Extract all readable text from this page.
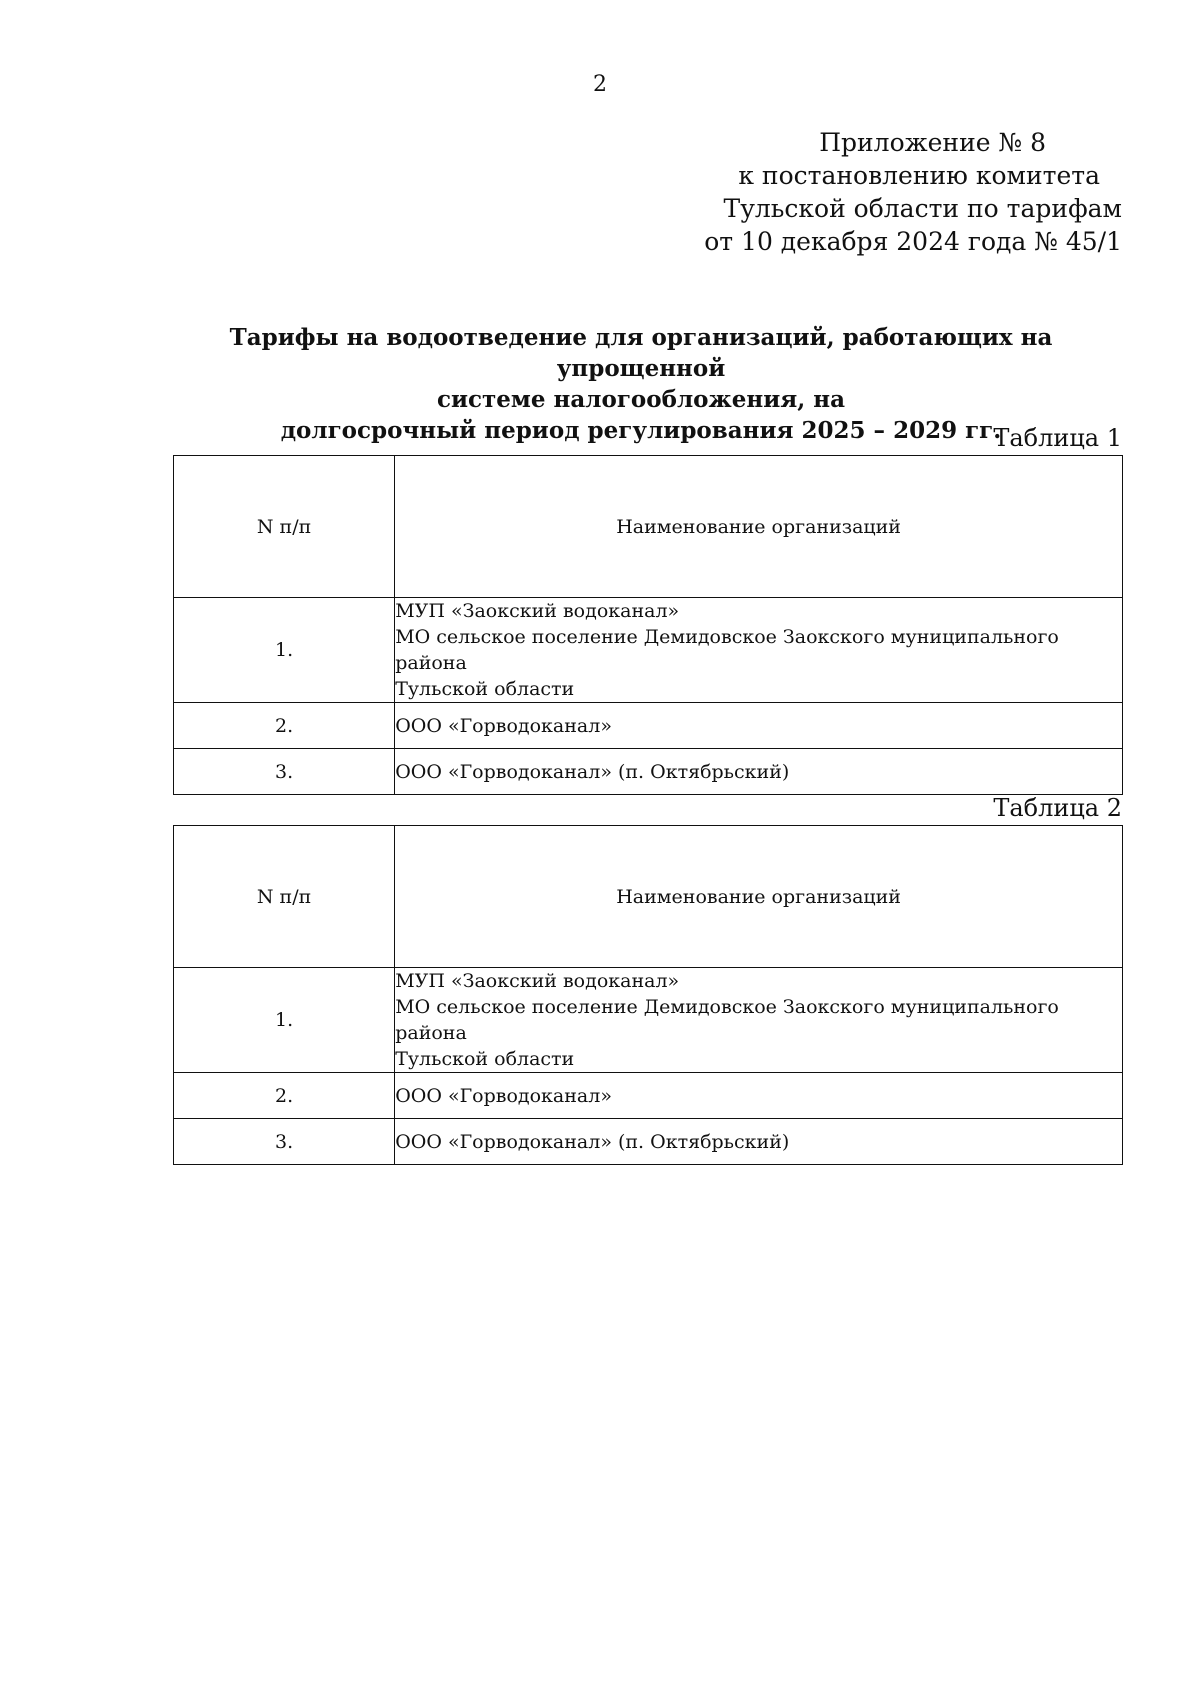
2
Приложение № 8
к постановлению комитета
Тульской области по тарифам
от 10 декабря 2024 года № 45/1
Тарифы на водоотведение для организаций, работающих на упрощенной
системе налогообложения, на
долгосрочный период регулирования 2025 – 2029 гг.
Таблица 1
N п/п	Наименование организаций
1.	МУП «Заокский водоканал»
МО сельское поселение Демидовское Заокского муниципального района
Тульской области

2.	ООО «Горводоканал»

3.	ООО «Горводоканал» (п. Октябрьский)
Таблица 2
N п/п	Наименование организаций
1.	МУП «Заокский водоканал»
МО сельское поселение Демидовское Заокского муниципального района
Тульской области

2.	ООО «Горводоканал»

3.	ООО «Горводоканал» (п. Октябрьский)
